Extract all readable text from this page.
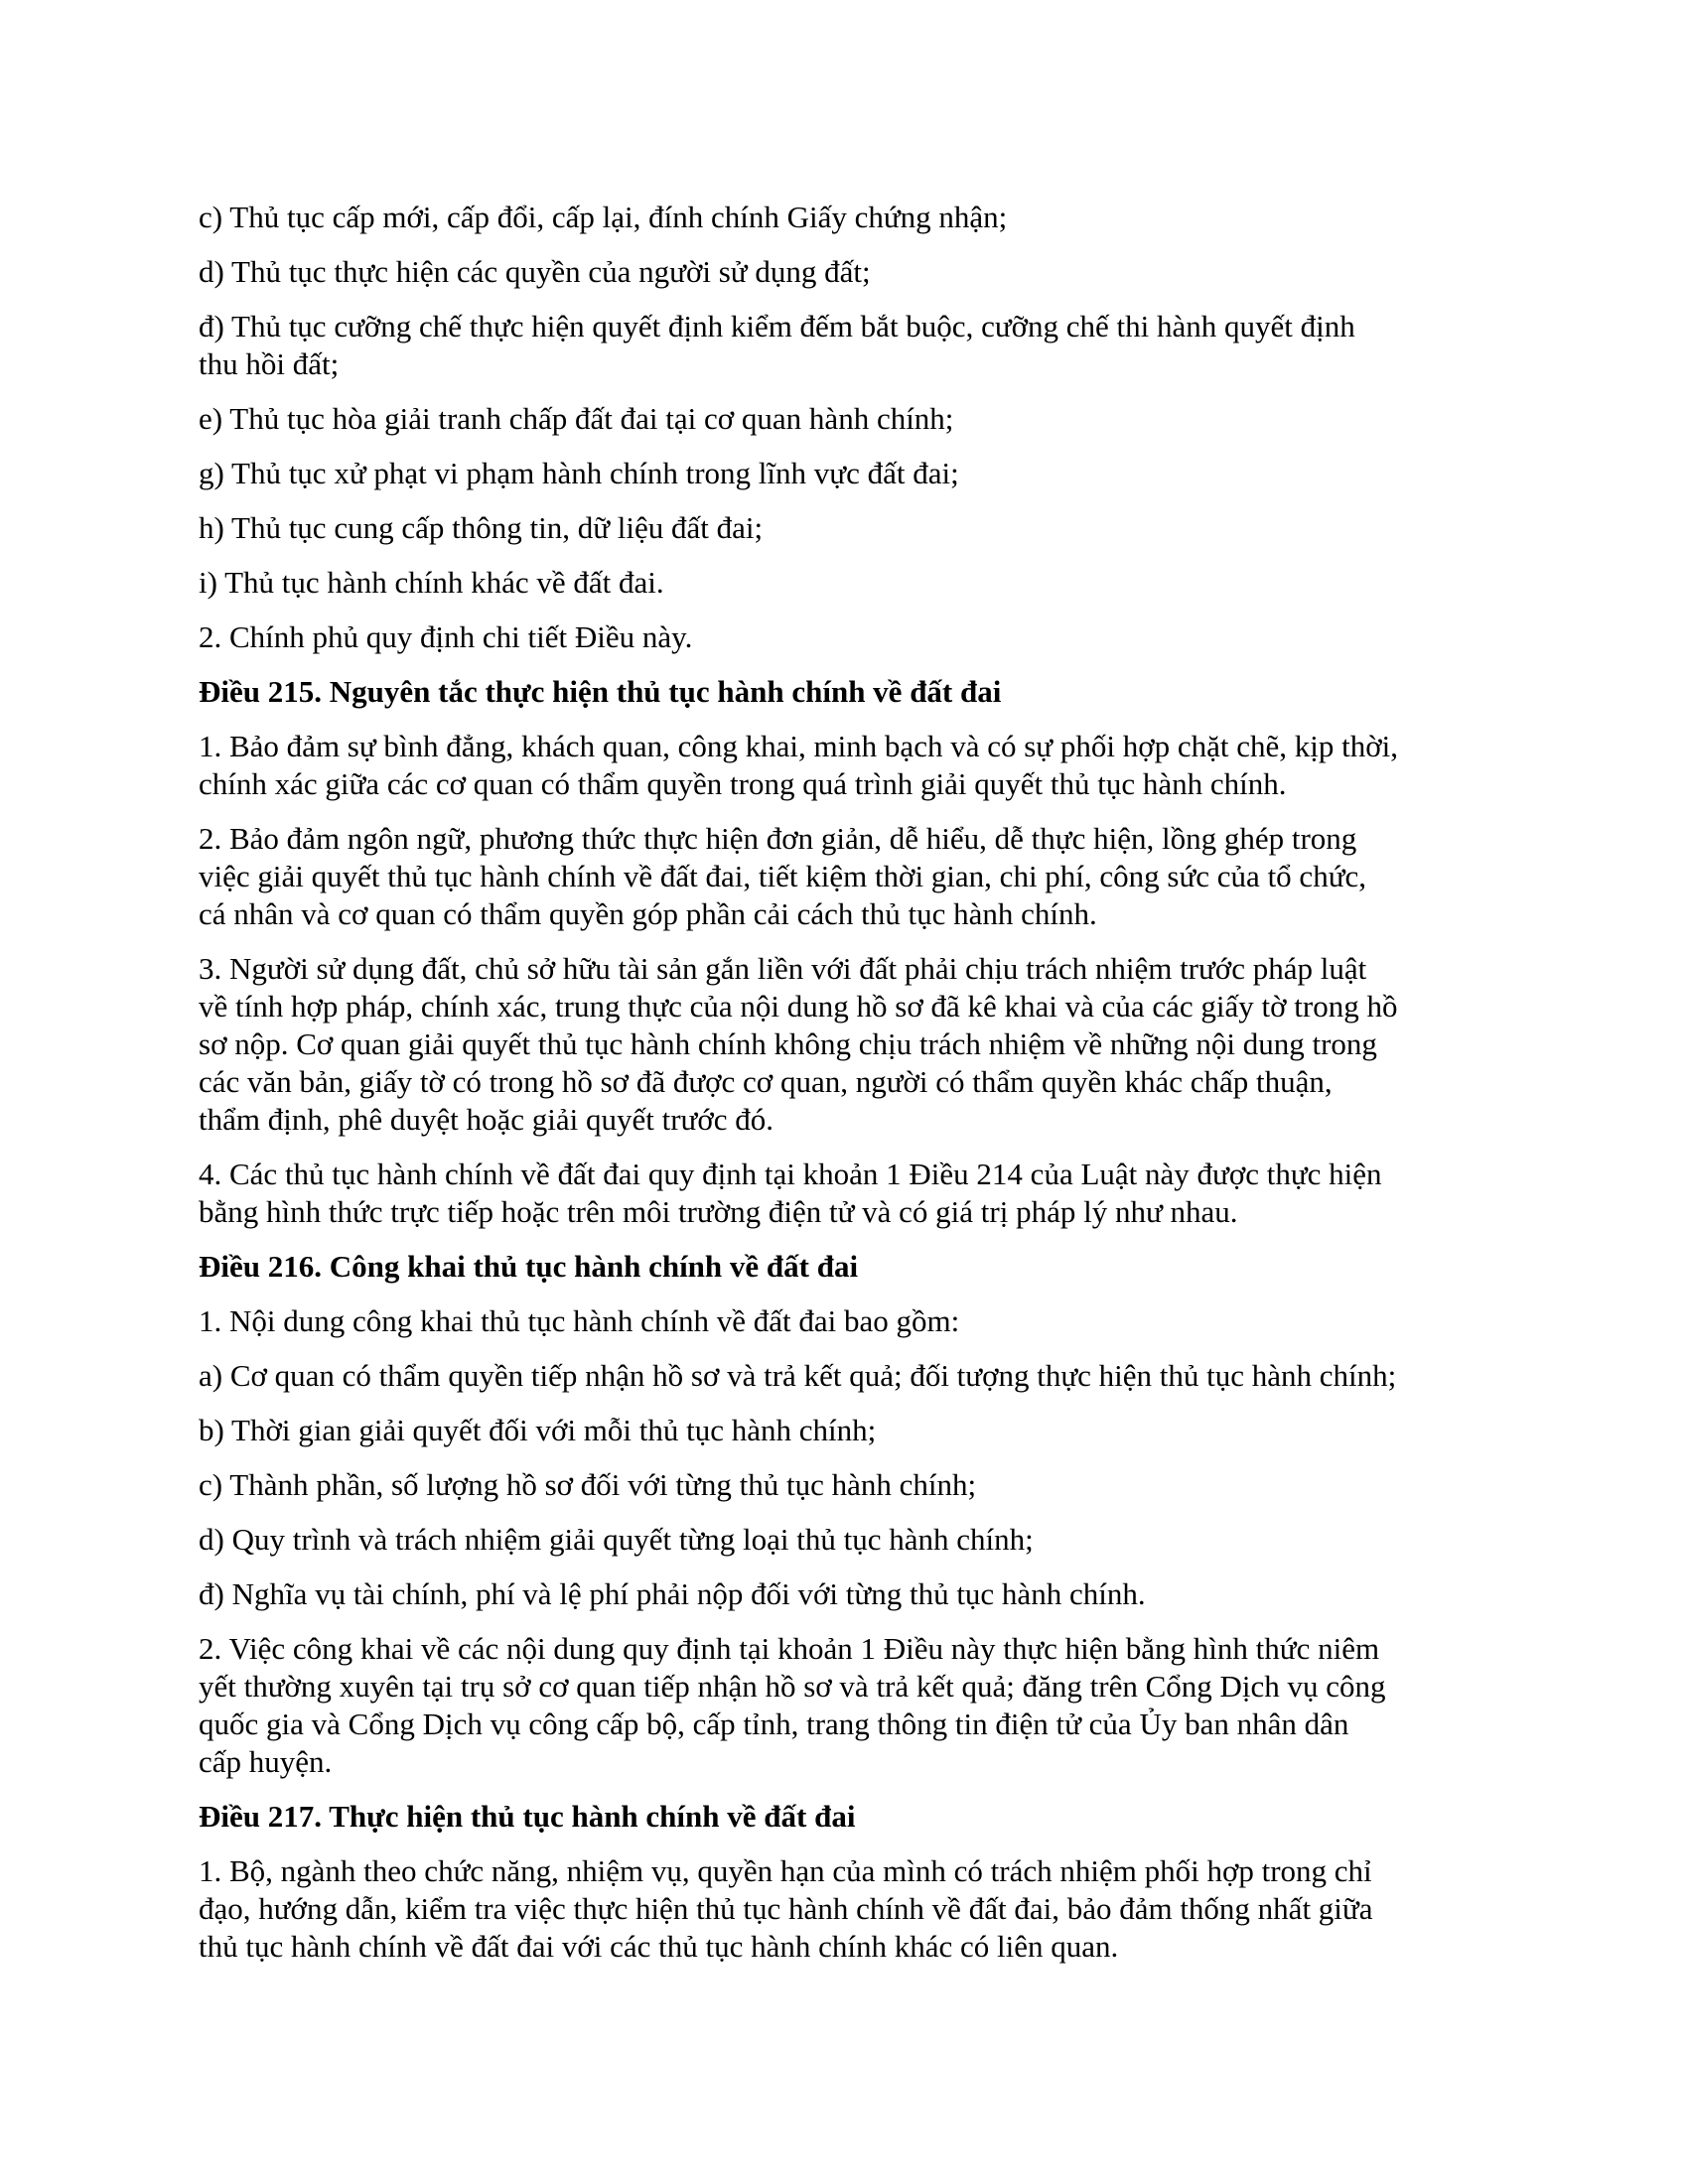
c) Thủ tục cấp mới, cấp đổi, cấp lại, đính chính Giấy chứng nhận;
d) Thủ tục thực hiện các quyền của người sử dụng đất;
đ) Thủ tục cưỡng chế thực hiện quyết định kiểm đếm bắt buộc, cưỡng chế thi hành quyết định
thu hồi đất;
e) Thủ tục hòa giải tranh chấp đất đai tại cơ quan hành chính;
g) Thủ tục xử phạt vi phạm hành chính trong lĩnh vực đất đai;
h) Thủ tục cung cấp thông tin, dữ liệu đất đai;
i) Thủ tục hành chính khác về đất đai.
2. Chính phủ quy định chi tiết Điều này.
Điều 215. Nguyên tắc thực hiện thủ tục hành chính về đất đai
1. Bảo đảm sự bình đẳng, khách quan, công khai, minh bạch và có sự phối hợp chặt chẽ, kịp thời,
chính xác giữa các cơ quan có thẩm quyền trong quá trình giải quyết thủ tục hành chính.
2. Bảo đảm ngôn ngữ, phương thức thực hiện đơn giản, dễ hiểu, dễ thực hiện, lồng ghép trong
việc giải quyết thủ tục hành chính về đất đai, tiết kiệm thời gian, chi phí, công sức của tổ chức,
cá nhân và cơ quan có thẩm quyền góp phần cải cách thủ tục hành chính.
3. Người sử dụng đất, chủ sở hữu tài sản gắn liền với đất phải chịu trách nhiệm trước pháp luật
về tính hợp pháp, chính xác, trung thực của nội dung hồ sơ đã kê khai và của các giấy tờ trong hồ
sơ nộp. Cơ quan giải quyết thủ tục hành chính không chịu trách nhiệm về những nội dung trong
các văn bản, giấy tờ có trong hồ sơ đã được cơ quan, người có thẩm quyền khác chấp thuận,
thẩm định, phê duyệt hoặc giải quyết trước đó.
4. Các thủ tục hành chính về đất đai quy định tại khoản 1 Điều 214 của Luật này được thực hiện
bằng hình thức trực tiếp hoặc trên môi trường điện tử và có giá trị pháp lý như nhau.
Điều 216. Công khai thủ tục hành chính về đất đai
1. Nội dung công khai thủ tục hành chính về đất đai bao gồm:
a) Cơ quan có thẩm quyền tiếp nhận hồ sơ và trả kết quả; đối tượng thực hiện thủ tục hành chính;
b) Thời gian giải quyết đối với mỗi thủ tục hành chính;
c) Thành phần, số lượng hồ sơ đối với từng thủ tục hành chính;
d) Quy trình và trách nhiệm giải quyết từng loại thủ tục hành chính;
đ) Nghĩa vụ tài chính, phí và lệ phí phải nộp đối với từng thủ tục hành chính.
2. Việc công khai về các nội dung quy định tại khoản 1 Điều này thực hiện bằng hình thức niêm
yết thường xuyên tại trụ sở cơ quan tiếp nhận hồ sơ và trả kết quả; đăng trên Cổng Dịch vụ công
quốc gia và Cổng Dịch vụ công cấp bộ, cấp tỉnh, trang thông tin điện tử của Ủy ban nhân dân
cấp huyện.
Điều 217. Thực hiện thủ tục hành chính về đất đai
1. Bộ, ngành theo chức năng, nhiệm vụ, quyền hạn của mình có trách nhiệm phối hợp trong chỉ
đạo, hướng dẫn, kiểm tra việc thực hiện thủ tục hành chính về đất đai, bảo đảm thống nhất giữa
thủ tục hành chính về đất đai với các thủ tục hành chính khác có liên quan.
